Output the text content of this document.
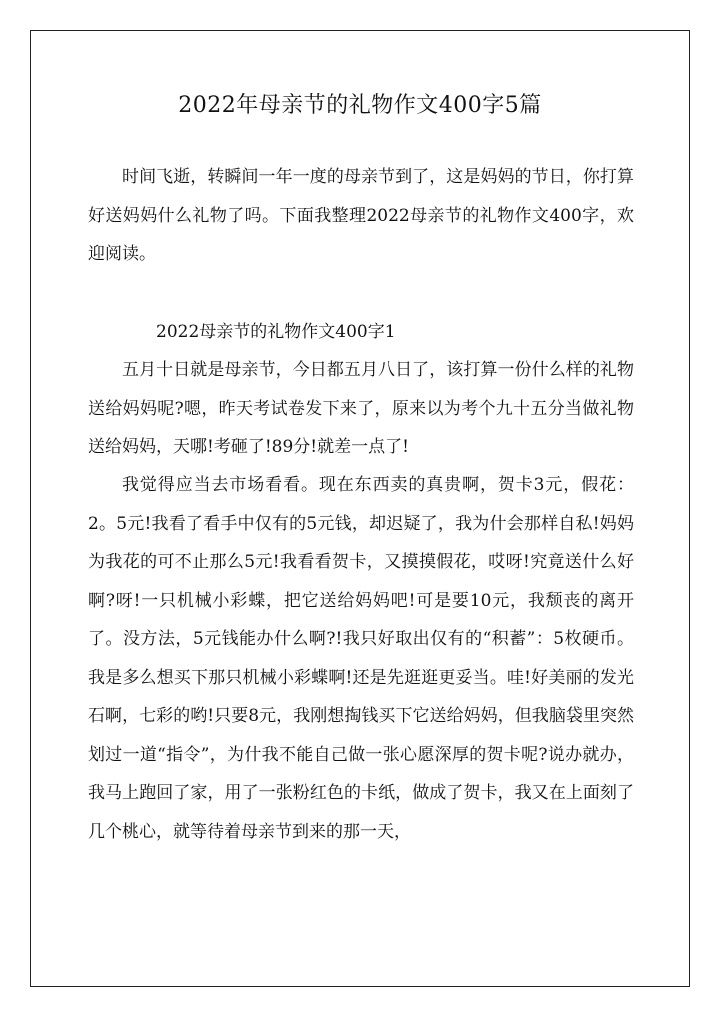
2022年母亲节的礼物作文400字5篇

时间飞逝，转瞬间一年一度的母亲节到了，这是妈妈的节日，你打算好送妈妈什么礼物了吗。下面我整理2022母亲节的礼物作文400字，欢迎阅读。

2022母亲节的礼物作文400字1

五月十日就是母亲节，今日都五月八日了，该打算一份什么样的礼物送给妈妈呢?嗯，昨天考试卷发下来了，原来以为考个九十五分当做礼物送给妈妈，天哪!考砸了!89分!就差一点了!

我觉得应当去市场看看。现在东西卖的真贵啊，贺卡3元，假花：2。5元!我看了看手中仅有的5元钱，却迟疑了，我为什会那样自私!妈妈为我花的可不止那么5元!我看看贺卡，又摸摸假花，哎呀!究竟送什么好啊?呀!一只机械小彩蝶，把它送给妈妈吧!可是要10元，我颓丧的离开了。没方法，5元钱能办什么啊?!我只好取出仅有的“积蓄”：5枚硬币。我是多么想买下那只机械小彩蝶啊!还是先逛逛更妥当。哇!好美丽的发光石啊，七彩的哟!只要8元，我刚想掏钱买下它送给妈妈，但我脑袋里突然划过一道“指令”，为什我不能自己做一张心愿深厚的贺卡呢?说办就办，我马上跑回了家，用了一张粉红色的卡纸，做成了贺卡，我又在上面刻了几个桃心，就等待着母亲节到来的那一天，
